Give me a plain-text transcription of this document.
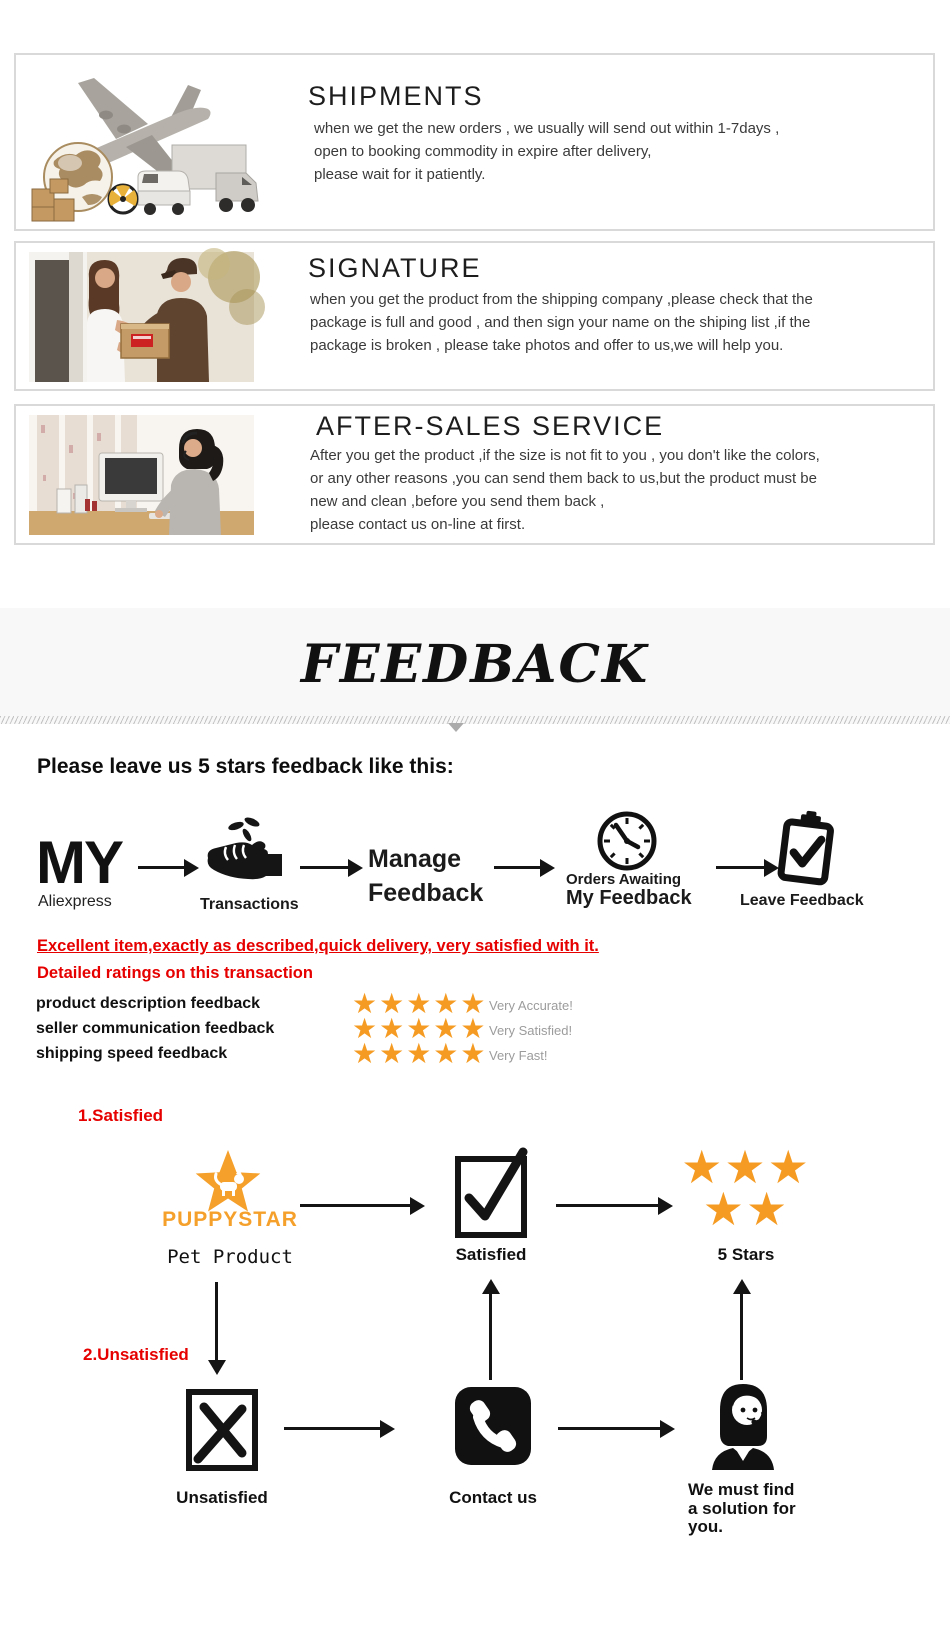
SHIPMENTS
when we get the new orders , we usually will send out within 1-7days ,
open to booking commodity in expire after delivery,
please wait for it patiently.
SIGNATURE
when you get the product from the shipping company ,please check that the
package is full and good , and then sign your name on the shiping list ,if the
package is broken , please take photos and offer to us,we will help you.
AFTER-SALES SERVICE
After you get the product ,if the size is not fit to you , you don't like the colors,
or any other reasons ,you can send them back to us,but the product must be
new and clean ,before you send them back ,
please contact us on-line at first.
FEEDBACK
Please leave us 5 stars feedback like this:
MY
Aliexpress	Transactions
Manage
Feedback	Orders Awaiting
My Feedback	Leave Feedback
Excellent item,exactly as described,quick delivery, very satisfied with it.
Detailed ratings on this transaction
product description feedback	★★★★★ Very Accurate!
seller communication feedback	★★★★★ Very Satisfied!
shipping speed feedback	★★★★★ Very Fast!
1.Satisfied
PUPPYSTAR
Pet Product	Satisfied
★★★
★★
5 Stars
2.Unsatisfied
Unsatisfied	Contact us	We must find
a solution for
you.
